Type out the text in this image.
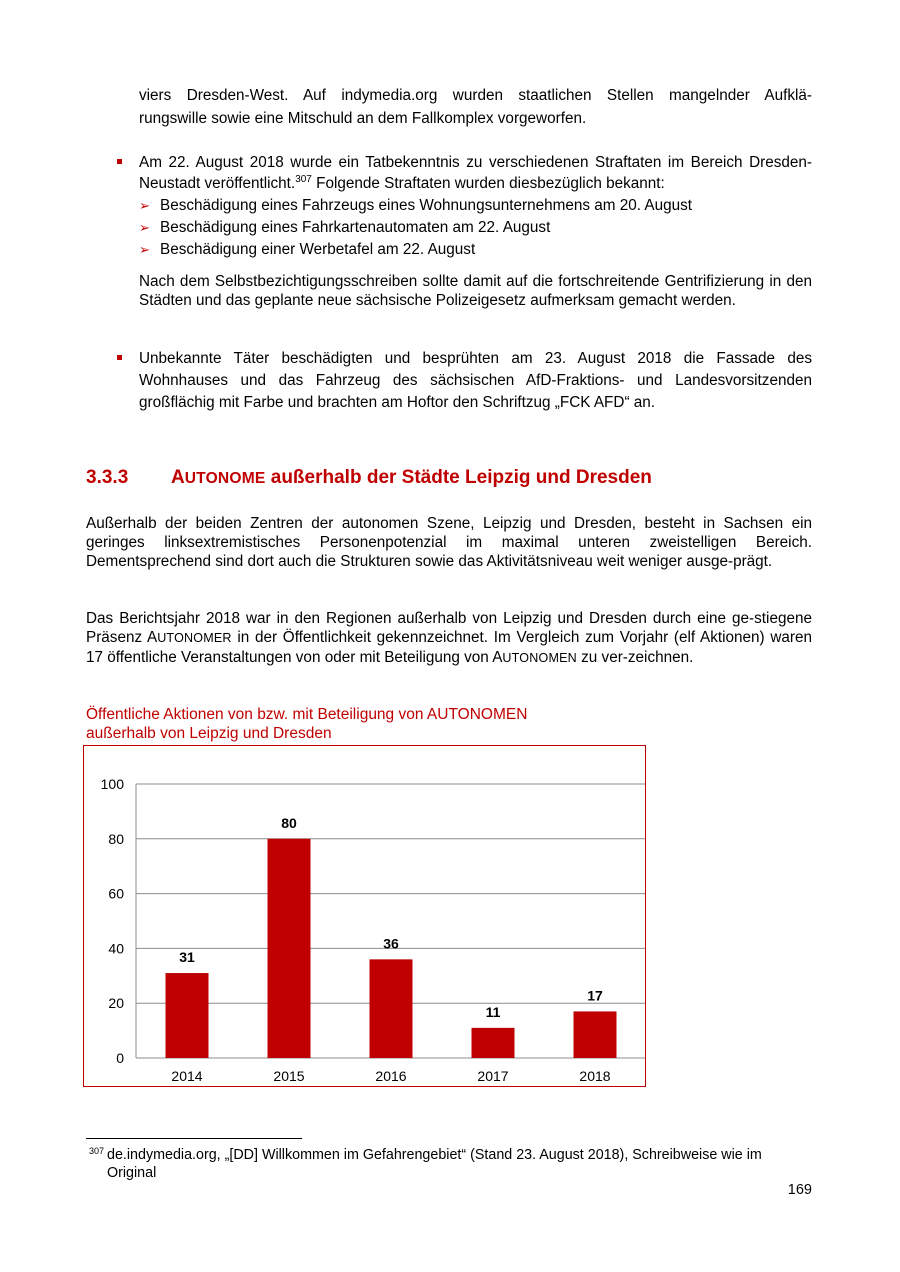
viers Dresden-West. Auf indymedia.org wurden staatlichen Stellen mangelnder Aufklä-

rungswille sowie eine Mitschuld an dem Fallkomplex vorgeworfen.

Am 22. August 2018 wurde ein Tatbekenntnis zu verschiedenen Straftaten im Bereich Dresden-Neustadt veröffentlicht.$^{307}$ Folgende Straftaten wurden diesbezüglich bekannt:

➢ Beschädigung eines Fahrzeugs eines Wohnungsunternehmens am 20. August

➢ Beschädigung eines Fahrkartenautomaten am 22. August

➢ Beschädigung einer Werbetafel am 22. August

Nach dem Selbstbezichtigungsschreiben sollte damit auf die fortschreitende Gentrifizierung in den Städten und das geplante neue sächsische Polizeigesetz aufmerksam gemacht werden.

Unbekannte Täter beschädigten und besprühten am 23. August 2018 die Fassade des

Wohnhauses und das Fahrzeug des sächsischen AfD-Fraktions- und Landesvorsitzenden

großflächig mit Farbe und brachten am Hoftor den Schriftzug „FCK AFD“ an.

3.3.3 AUTONOME außerhalb der Städte Leipzig und Dresden

Außerhalb der beiden Zentren der autonomen Szene, Leipzig und Dresden, besteht in Sachsen ein geringes linksextremistisches Personenpotenzial im maximal unteren zweistelligen Bereich. Dementsprechend sind dort auch die Strukturen sowie das Aktivitätsniveau weit weniger ausge-prägt.

Das Berichtsjahr 2018 war in den Regionen außerhalb von Leipzig und Dresden durch eine ge-stiegene Präsenz AUTONOMER in der Öffentlichkeit gekennzeichnet. Im Vergleich zum Vorjahr (elf Aktionen) waren 17 öffentliche Veranstaltungen von oder mit Beteiligung von AUTONOMEN zu ver-zeichnen.

Öffentliche Aktionen von bzw. mit Beteiligung von AUTONOMEN

außerhalb von Leipzig und Dresden

0
20
40
60
80
100
31
2014
80
2015
36
2016
11
2017
17
2018
$^{307}$ de.indymedia.org, „[DD] Willkommen im Gefahrengebiet“ (Stand 23. August 2018), Schreibweise wie im

Original

169
